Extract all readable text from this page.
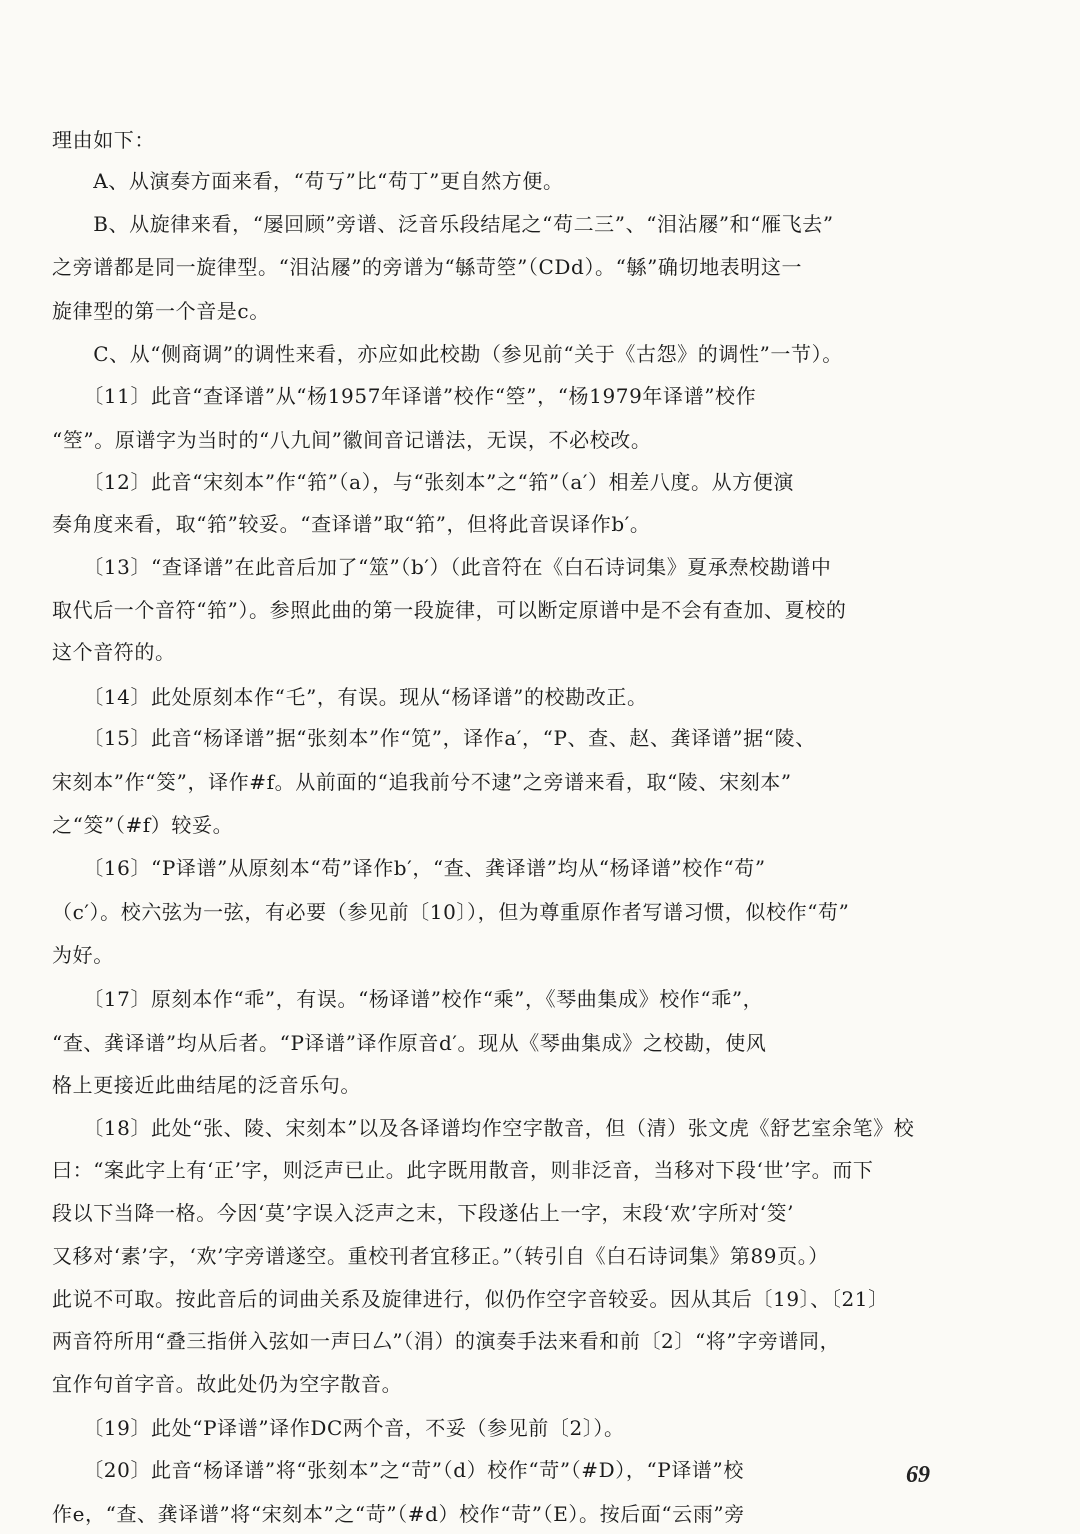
理由如下：
　　A、从演奏方面来看，“苟丂”比“苟丁”更自然方便。
　　B、从旋律来看，“屡回顾”旁谱、泛音乐段结尾之“苟二三”、“泪沾屦”和“雁飞去”
之旁谱都是同一旋律型。“泪沾屦”的旁谱为“緐苛箜”（CDd）。“緐”确切地表明这一
旋律型的第一个音是c。
　　C、从“侧商调”的调性来看，亦应如此校勘（参见前“关于《古怨》的调性”一节）。
　　〔11〕此音“查译谱”从“杨1957年译谱”校作“箜”，“杨1979年译谱”校作
“箜”。原谱字为当时的“八九间”徽间音记谱法，无误，不必校改。
　　〔12〕此音“宋刻本”作“筘”（a），与“张刻本”之“筘”（a′）相差八度。从方便演
奏角度来看，取“筘”较妥。“查译谱”取“筘”，但将此音误译作b′。
　　〔13〕“查译谱”在此音后加了“筮”（b′）（此音符在《白石诗词集》夏承焘校勘谱中
取代后一个音符“筘”）。参照此曲的第一段旋律，可以断定原谱中是不会有查加、夏校的
这个音符的。
　　〔14〕此处原刻本作“乇”，有误。现从“杨译谱”的校勘改正。
　　〔15〕此音“杨译谱”据“张刻本”作“笕”，译作a′，“P、查、赵、龚译谱”据“陵、
宋刻本”作“筊”，译作#f。从前面的“追我前兮不逮”之旁谱来看，取“陵、宋刻本”
之“筊”（#f）较妥。
　　〔16〕“P译谱”从原刻本“苟”译作b′，“查、龚译谱”均从“杨译谱”校作“苟”
（c′）。校六弦为一弦，有必要（参见前〔10〕），但为尊重原作者写谱习惯，似校作“苟”
为好。
　　〔17〕原刻本作“乖”，有误。“杨译谱”校作“乘”，《琴曲集成》校作“乖”，
“查、龚译谱”均从后者。“P译谱”译作原音d′。现从《琴曲集成》之校勘，使风
格上更接近此曲结尾的泛音乐句。
　　〔18〕此处“张、陵、宋刻本”以及各译谱均作空字散音，但（清）张文虎《舒艺室余笔》校
曰：“案此字上有‘正’字，则泛声已止。此字既用散音，则非泛音，当移对下段‘世’字。而下
段以下当降一格。今因‘莫’字误入泛声之末，下段遂佔上一字，末段‘欢’字所对‘筊’
又移对‘素’字，‘欢’字旁谱遂空。重校刊者宜移正。”（转引自《白石诗词集》第89页。）
此说不可取。按此音后的词曲关系及旋律进行，似仍作空字音较妥。因从其后〔19〕、〔21〕
两音符所用“叠三指併入弦如一声曰厶”（涓）的演奏手法来看和前〔2〕“将”字旁谱同，
宜作句首字音。故此处仍为空字散音。
　　〔19〕此处“P译谱”译作DC两个音，不妥（参见前〔2〕）。
　　〔20〕此音“杨译谱”将“张刻本”之“苛”（d）校作“苛”（#D），“P译谱”校
作e，“查、龚译谱”将“宋刻本”之“苛”（#d）校作“苛”（E）。按后面“云雨”旁
69
